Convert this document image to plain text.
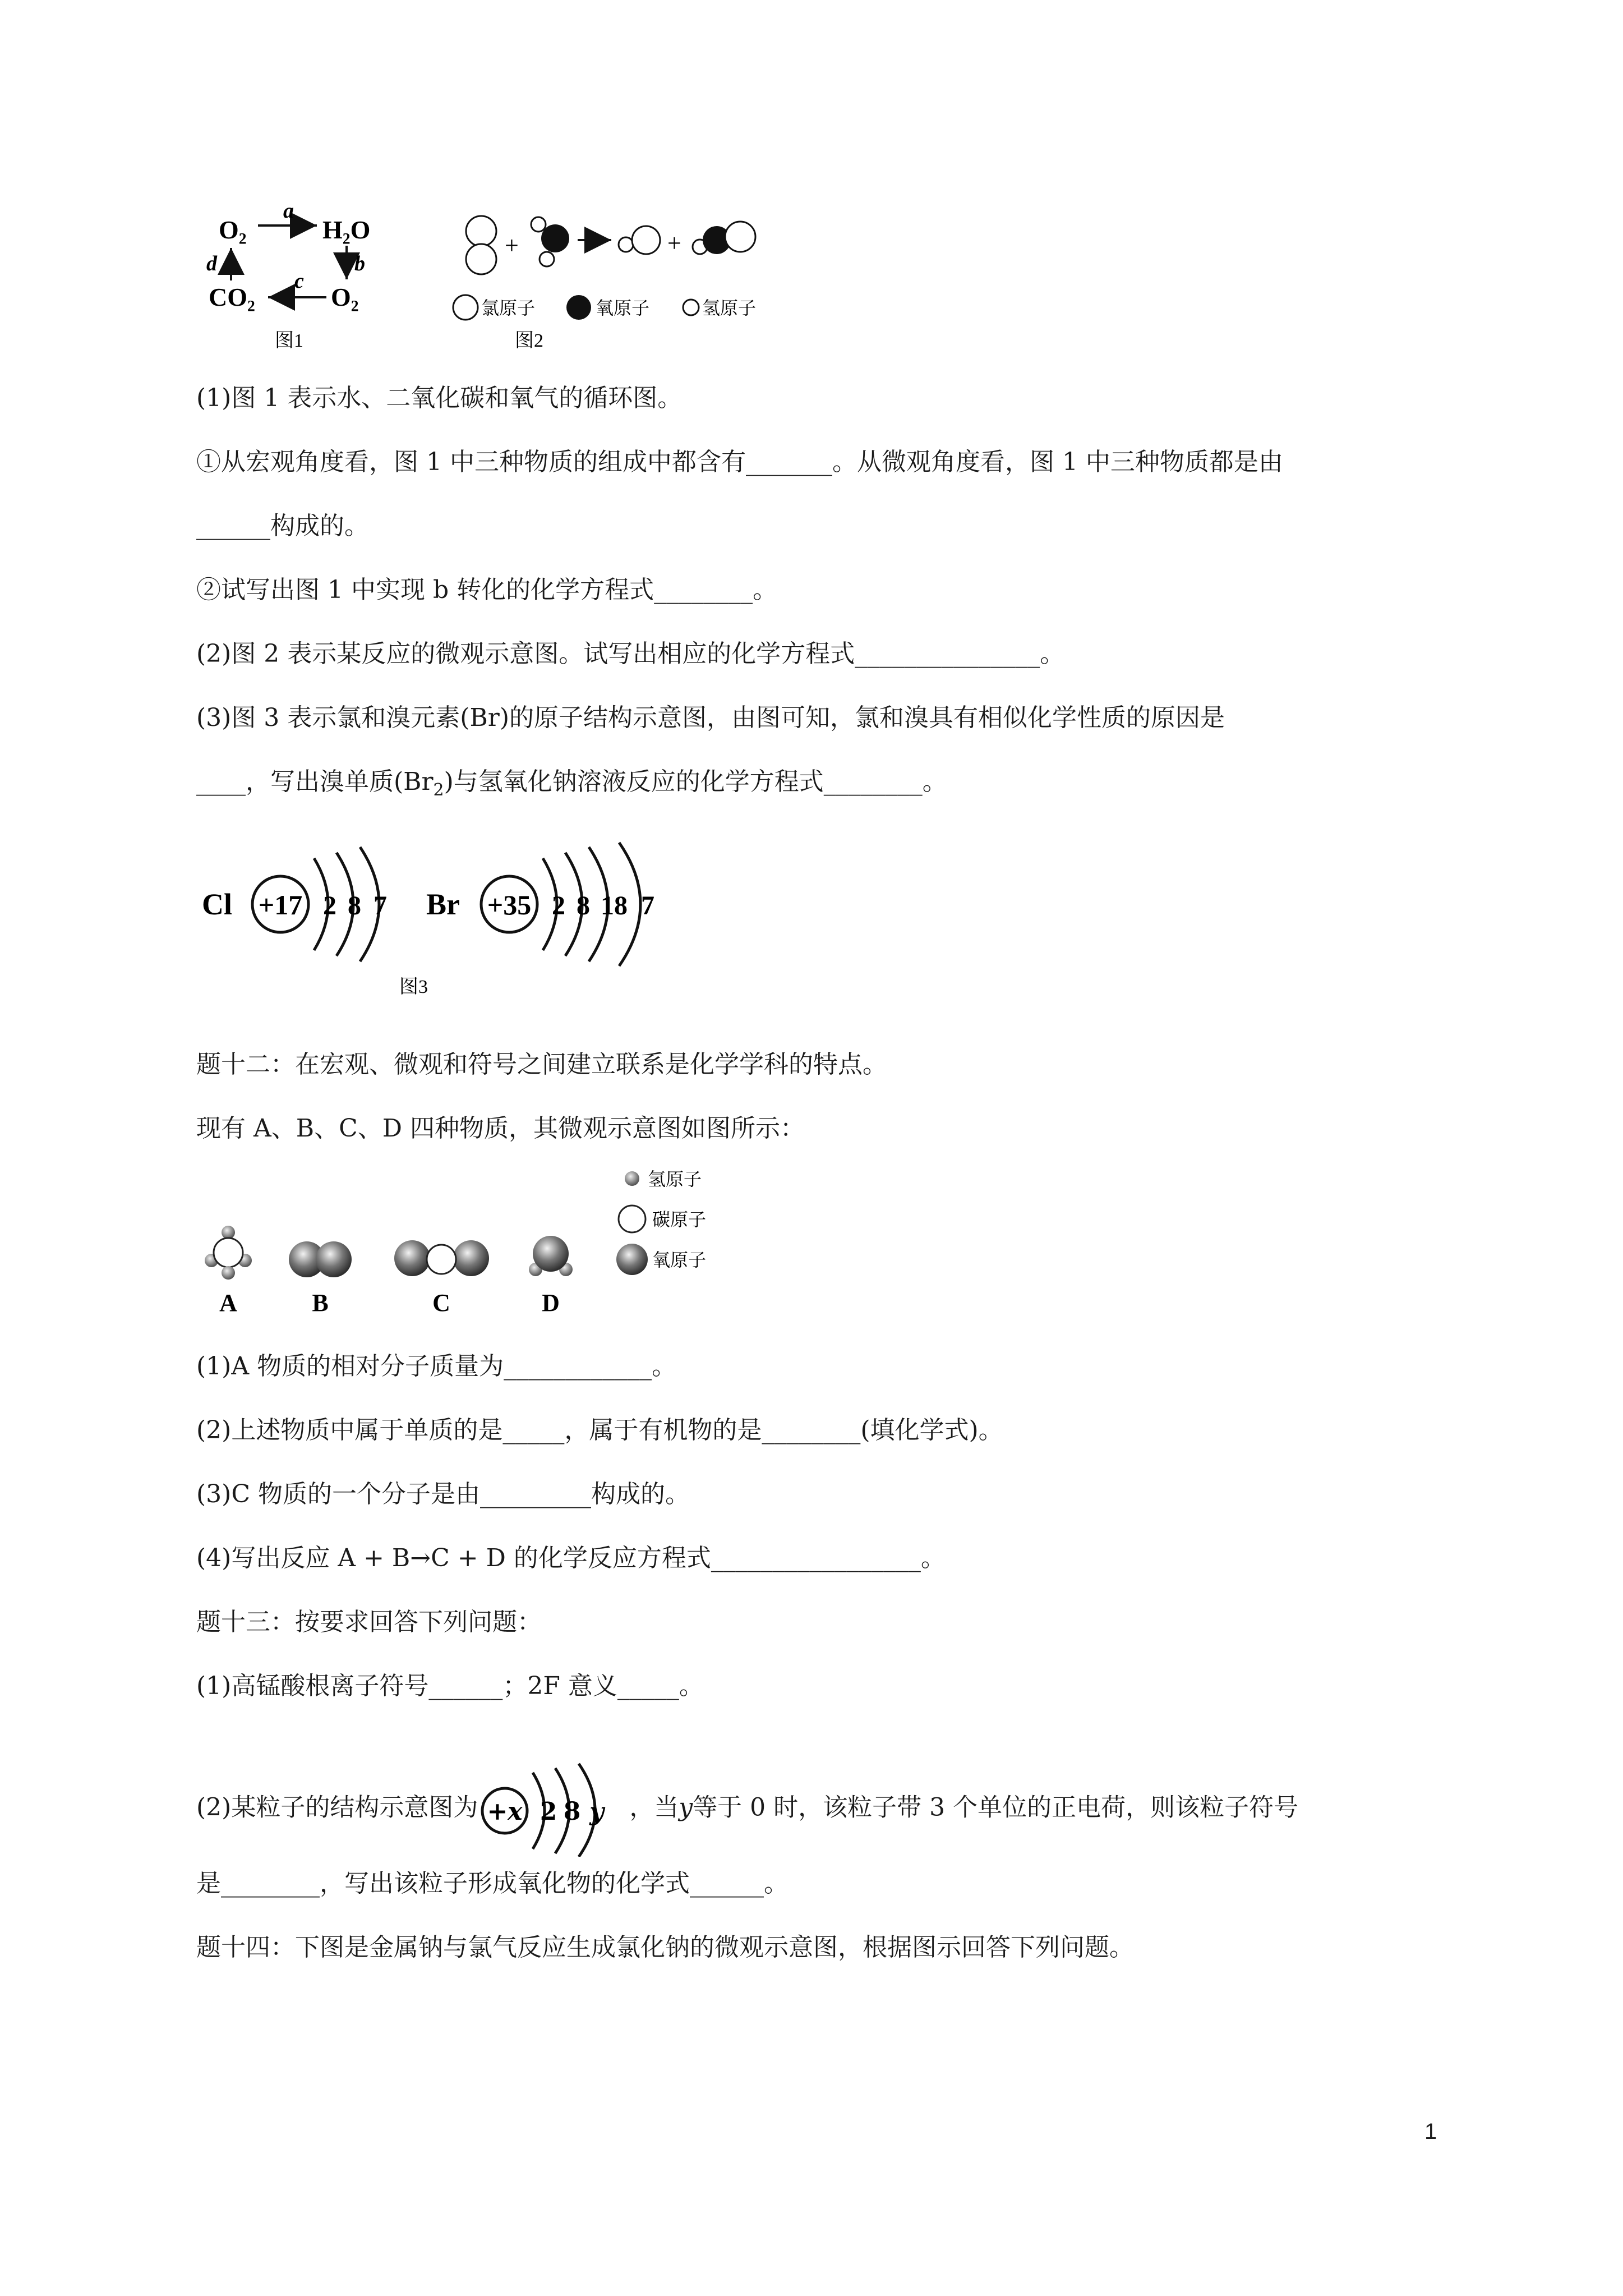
O₂	H₂O
CO₂	O₂
a
b
c
d
图1
+	+
氯原子	氧原子	氢原子
图2
(1)图 1 表示水、二氧化碳和氧气的循环图。
①从宏观角度看，图 1 中三种物质的组成中都含有_______。从微观角度看，图 1 中三种物质都是由
______构成的。
②试写出图 1 中实现 b 转化的化学方程式________。
(2)图 2 表示某反应的微观示意图。试写出相应的化学方程式_______________。
(3)图 3 表示氯和溴元素(Br)的原子结构示意图，由图可知，氯和溴具有相似化学性质的原因是
____，写出溴单质$(Br_2)$与氢氧化钠溶液反应的化学方程式________。
Cl +17 2 8 7 Br +35 2 8 18 7
图3
题十二：在宏观、微观和符号之间建立联系是化学学科的特点。
现有 A、B、C、D 四种物质，其微观示意图如图所示：
A	B	C	D
氢原子
碳原子
氧原子
(1)A 物质的相对分子质量为____________。
(2)上述物质中属于单质的是_____，属于有机物的是________(填化学式)。
(3)C 物质的一个分子是由_________构成的。
(4)写出反应 A + B→C + D 的化学反应方程式_________________。
题十三：按要求回答下列问题：
(1)高锰酸根离子符号______；2F 意义_____。
(2)某粒子的结构示意图为 +x 2 8 y ，当y等于 0 时，该粒子带 3 个单位的正电荷，则该粒子符号
是________，写出该粒子形成氧化物的化学式______。
题十四：下图是金属钠与氯气反应生成氯化钠的微观示意图，根据图示回答下列问题。
1
